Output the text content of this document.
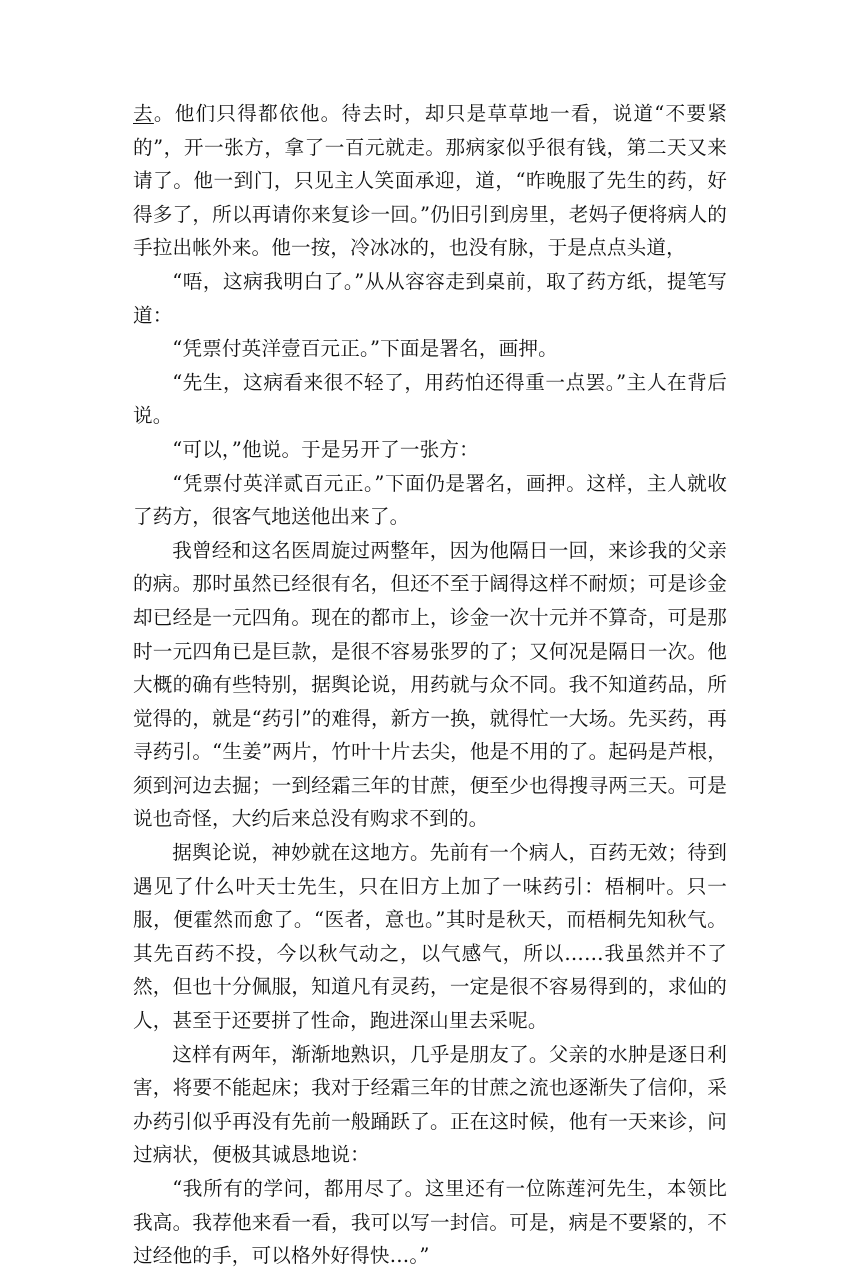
去。他们只得都依他。待去时，却只是草草地一看，说道“不要紧的”，开一张方，拿了一百元就走。那病家似乎很有钱，第二天又来请了。他一到门，只见主人笑面承迎，道，“昨晚服了先生的药，好得多了，所以再请你来复诊一回。”仍旧引到房里，老妈子便将病人的手拉出帐外来。他一按，冷冰冰的，也没有脉，于是点点头道，

“唔，这病我明白了。”从从容容走到桌前，取了药方纸，提笔写道：

“凭票付英洋壹百元正。”下面是署名，画押。

“先生，这病看来很不轻了，用药怕还得重一点罢。”主人在背后说。

“可以，”他说。于是另开了一张方：

“凭票付英洋贰百元正。”下面仍是署名，画押。这样，主人就收了药方，很客气地送他出来了。

我曾经和这名医周旋过两整年，因为他隔日一回，来诊我的父亲的病。那时虽然已经很有名，但还不至于阔得这样不耐烦；可是诊金却已经是一元四角。现在的都市上，诊金一次十元并不算奇，可是那时一元四角已是巨款，是很不容易张罗的了；又何况是隔日一次。他大概的确有些特别，据舆论说，用药就与众不同。我不知道药品，所觉得的，就是“药引”的难得，新方一换，就得忙一大场。先买药，再寻药引。“生姜”两片，竹叶十片去尖，他是不用的了。起码是芦根，须到河边去掘；一到经霜三年的甘蔗，便至少也得搜寻两三天。可是说也奇怪，大约后来总没有购求不到的。

据舆论说，神妙就在这地方。先前有一个病人，百药无效；待到遇见了什么叶天士先生，只在旧方上加了一味药引：梧桐叶。只一服，便霍然而愈了。“医者，意也。”其时是秋天，而梧桐先知秋气。其先百药不投，今以秋气动之，以气感气，所以……我虽然并不了然，但也十分佩服，知道凡有灵药，一定是很不容易得到的，求仙的人，甚至于还要拼了性命，跑进深山里去采呢。

这样有两年，渐渐地熟识，几乎是朋友了。父亲的水肿是逐日利害，将要不能起床；我对于经霜三年的甘蔗之流也逐渐失了信仰，采办药引似乎再没有先前一般踊跃了。正在这时候，他有一天来诊，问过病状，便极其诚恳地说：

“我所有的学问，都用尽了。这里还有一位陈莲河先生，本领比我高。我荐他来看一看，我可以写一封信。可是，病是不要紧的，不过经他的手，可以格外好得快…。”
